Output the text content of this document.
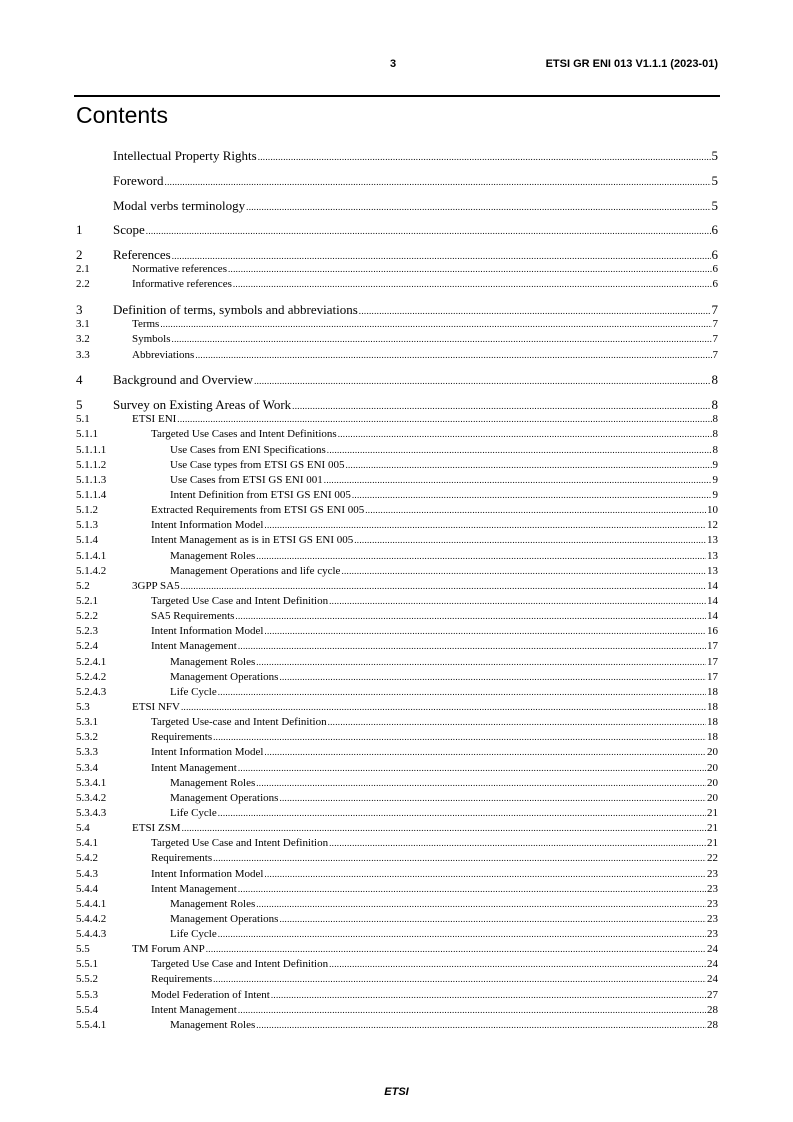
3	ETSI GR ENI 013 V1.1.1 (2023-01)
Contents
Intellectual Property Rights .....	5
Foreword .....	5
Modal verbs terminology .....	5
1	Scope .....	6
2	References .....	6
2.1	Normative references .....	6
2.2	Informative references .....	6
3	Definition of terms, symbols and abbreviations .....	7
3.1	Terms .....	7
3.2	Symbols .....	7
3.3	Abbreviations .....	7
4	Background and Overview .....	8
5	Survey on Existing Areas of Work .....	8
5.1	ETSI ENI .....	8
5.1.1	Targeted Use Cases and Intent Definitions .....	8
5.1.1.1	Use Cases from ENI Specifications .....	8
5.1.1.2	Use Case types from ETSI GS ENI 005 .....	9
5.1.1.3	Use Cases from ETSI GS ENI 001 .....	9
5.1.1.4	Intent Definition from ETSI GS ENI 005 .....	9
5.1.2	Extracted Requirements from ETSI GS ENI 005 .....	10
5.1.3	Intent Information Model .....	12
5.1.4	Intent Management as is in ETSI GS ENI 005 .....	13
5.1.4.1	Management Roles .....	13
5.1.4.2	Management Operations and life cycle .....	13
5.2	3GPP SA5 .....	14
5.2.1	Targeted Use Case and Intent Definition .....	14
5.2.2	SA5 Requirements .....	14
5.2.3	Intent Information Model .....	16
5.2.4	Intent Management .....	17
5.2.4.1	Management Roles .....	17
5.2.4.2	Management Operations .....	17
5.2.4.3	Life Cycle .....	18
5.3	ETSI NFV .....	18
5.3.1	Targeted Use-case and Intent Definition .....	18
5.3.2	Requirements .....	18
5.3.3	Intent Information Model .....	20
5.3.4	Intent Management .....	20
5.3.4.1	Management Roles .....	20
5.3.4.2	Management Operations .....	20
5.3.4.3	Life Cycle .....	21
5.4	ETSI ZSM .....	21
5.4.1	Targeted Use Case and Intent Definition .....	21
5.4.2	Requirements .....	22
5.4.3	Intent Information Model .....	23
5.4.4	Intent Management .....	23
5.4.4.1	Management Roles .....	23
5.4.4.2	Management Operations .....	23
5.4.4.3	Life Cycle .....	23
5.5	TM Forum ANP .....	24
5.5.1	Targeted Use Case and Intent Definition .....	24
5.5.2	Requirements .....	24
5.5.3	Model Federation of Intent .....	27
5.5.4	Intent Management .....	28
5.5.4.1	Management Roles .....	28
ETSI
